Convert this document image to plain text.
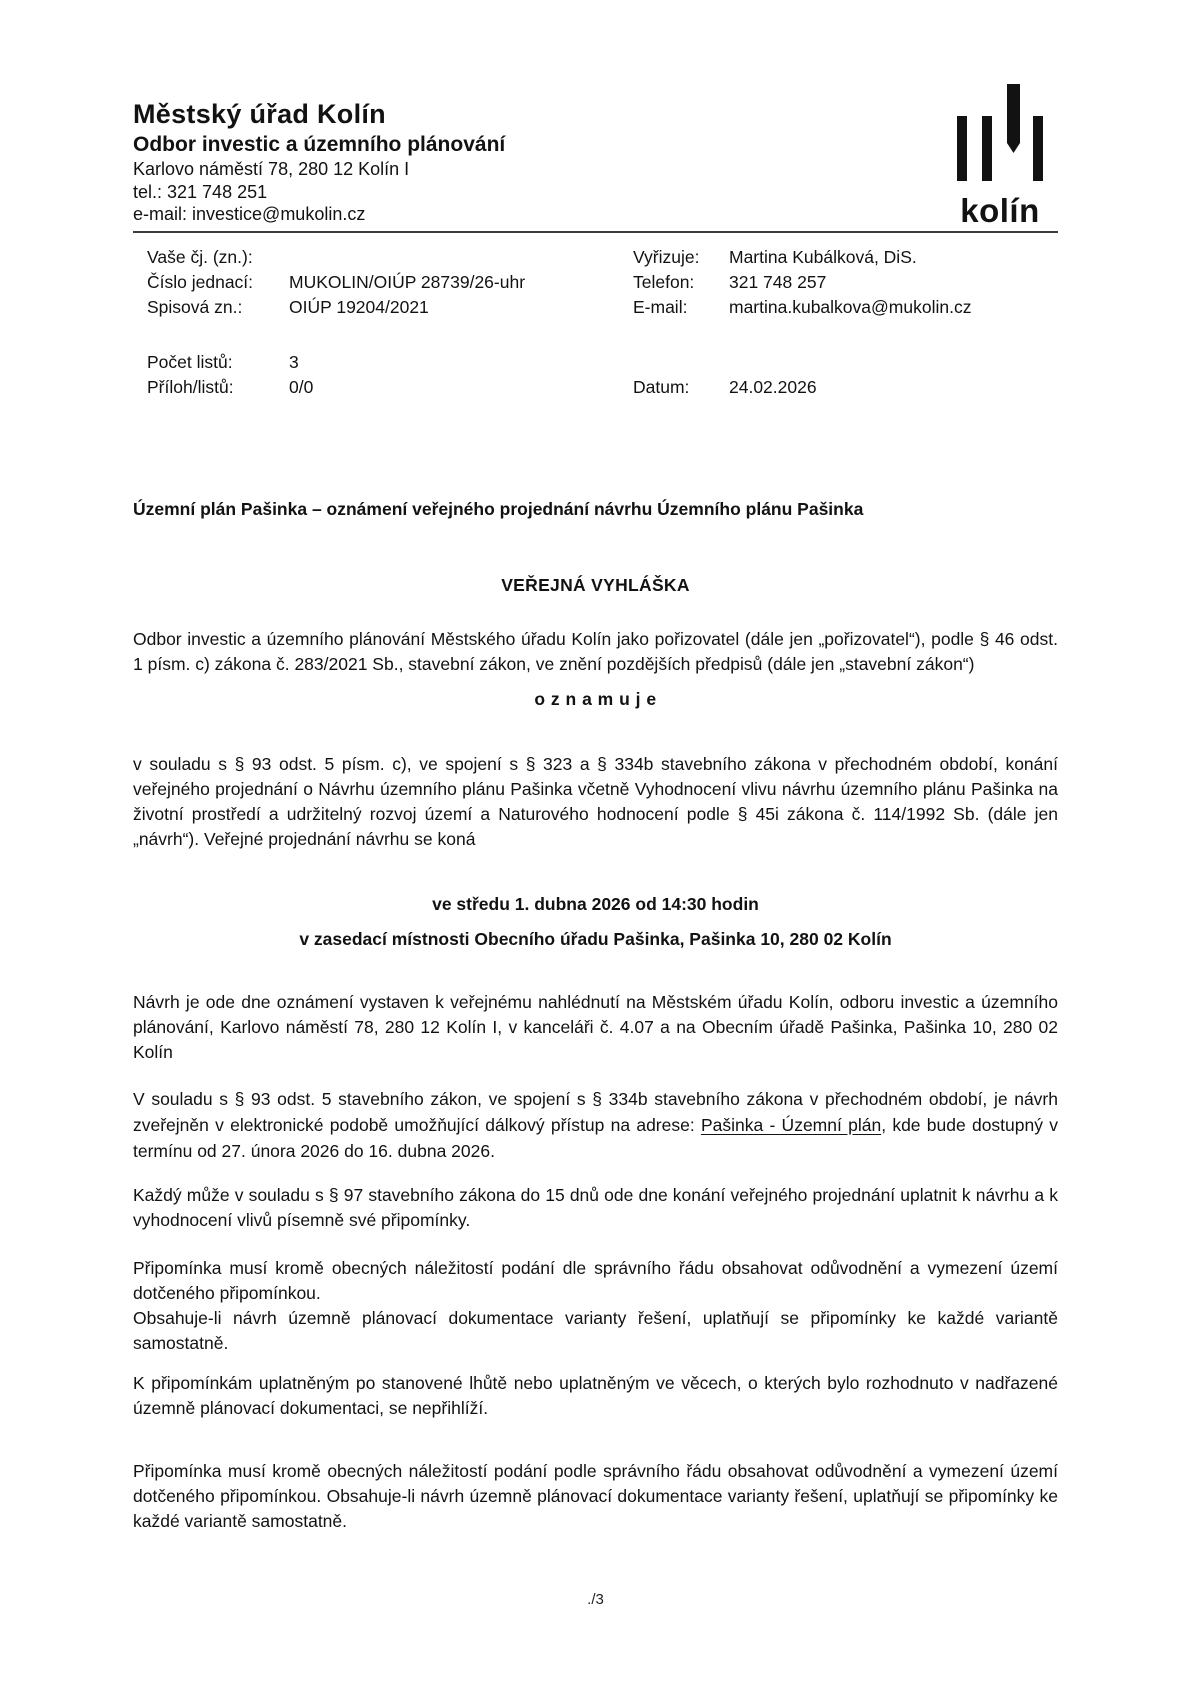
kolín
Městský úřad Kolín
Odbor investic a územního plánování
Karlovo náměstí 78, 280 12 Kolín I
tel.: 321 748 251
e-mail: investice@mukolin.cz
Vaše čj. (zn.):
Číslo jednací:	MUKOLIN/OIÚP 28739/26-uhr
Spisová zn.:	OIÚP 19204/2021
Počet listů:	3
Příloh/listů:	0/0
Vyřizuje:	Martina Kubálková, DiS.
Telefon:	321 748 257
E-mail:	martina.kubalkova@mukolin.cz
Datum:	24.02.2026
Územní plán Pašinka – oznámení veřejného projednání návrhu Územního plánu Pašinka
VEŘEJNÁ VYHLÁŠKA

Odbor investic a územního plánování Městského úřadu Kolín jako pořizovatel (dále jen „pořizovatel“), podle § 46 odst. 1 písm. c) zákona č. 283/2021 Sb., stavební zákon, ve znění pozdějších předpisů (dále jen „stavební zákon“)

o z n a m u j e

v souladu s § 93 odst. 5 písm. c), ve spojení s § 323 a § 334b stavebního zákona v přechodném období, konání veřejného projednání o Návrhu územního plánu Pašinka včetně Vyhodnocení vlivu návrhu územního plánu Pašinka na životní prostředí a udržitelný rozvoj území a Naturového hodnocení podle § 45i zákona č. 114/1992 Sb. (dále jen „návrh“). Veřejné projednání návrhu se koná

ve středu 1. dubna 2026 od 14:30 hodin
v zasedací místnosti Obecního úřadu Pašinka, Pašinka 10, 280 02 Kolín

Návrh je ode dne oznámení vystaven k veřejnému nahlédnutí na Městském úřadu Kolín, odboru investic a územního plánování, Karlovo náměstí 78, 280 12 Kolín I, v kanceláři č. 4.07 a na Obecním úřadě Pašinka, Pašinka 10, 280 02 Kolín

V souladu s § 93 odst. 5 stavebního zákon, ve spojení s § 334b stavebního zákona v přechodném období, je návrh zveřejněn v elektronické podobě umožňující dálkový přístup na adrese: Pašinka - Územní plán, kde bude dostupný v termínu od 27. února 2026 do 16. dubna 2026.

Každý může v souladu s § 97 stavebního zákona do 15 dnů ode dne konání veřejného projednání uplatnit k návrhu a k vyhodnocení vlivů písemně své připomínky.

Připomínka musí kromě obecných náležitostí podání dle správního řádu obsahovat odůvodnění a vymezení území dotčeného připomínkou.
Obsahuje-li návrh územně plánovací dokumentace varianty řešení, uplatňují se připomínky ke každé variantě samostatně.

K připomínkám uplatněným po stanovené lhůtě nebo uplatněným ve věcech, o kterých bylo rozhodnuto v nadřazené územně plánovací dokumentaci, se nepřihlíží.

Připomínka musí kromě obecných náležitostí podání podle správního řádu obsahovat odůvodnění a vymezení území dotčeného připomínkou. Obsahuje-li návrh územně plánovací dokumentace varianty řešení, uplatňují se připomínky ke každé variantě samostatně.

./3
